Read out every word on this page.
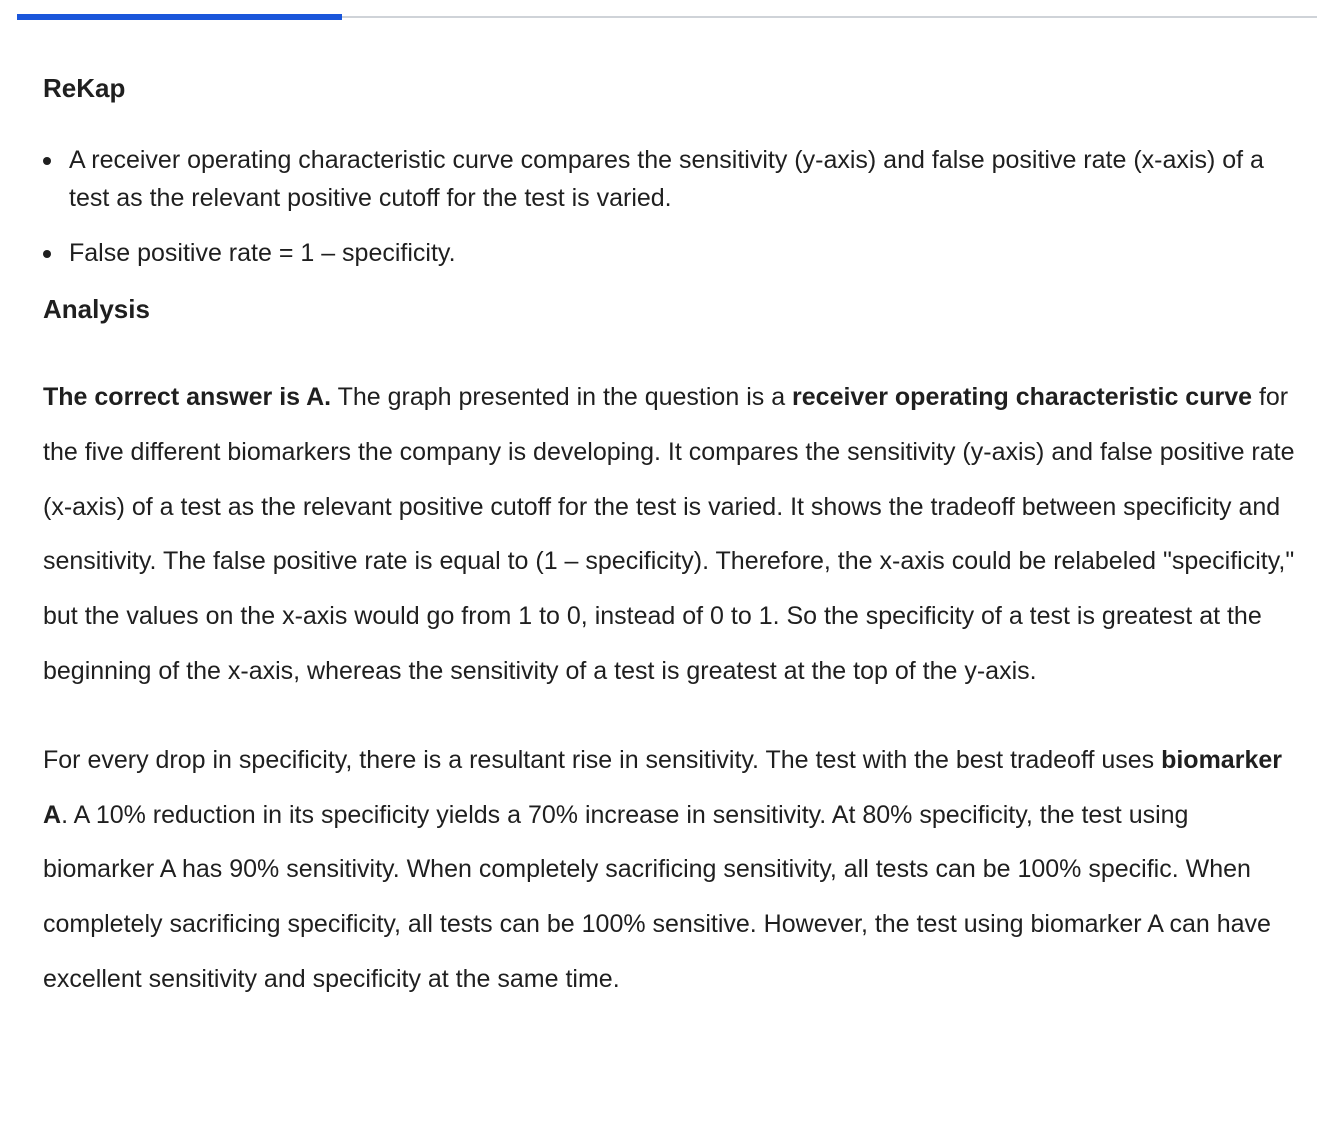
ReKap
A receiver operating characteristic curve compares the sensitivity (y-axis) and false positive rate (x-axis) of a test as the relevant positive cutoff for the test is varied.
False positive rate = 1 – specificity.
Analysis

The correct answer is A. The graph presented in the question is a receiver operating characteristic curve for the five different biomarkers the company is developing. It compares the sensitivity (y-axis) and false positive rate (x-axis) of a test as the relevant positive cutoff for the test is varied. It shows the tradeoff between specificity and sensitivity. The false positive rate is equal to (1 – specificity). Therefore, the x-axis could be relabeled "specificity," but the values on the x-axis would go from 1 to 0, instead of 0 to 1. So the specificity of a test is greatest at the beginning of the x-axis, whereas the sensitivity of a test is greatest at the top of the y-axis.

For every drop in specificity, there is a resultant rise in sensitivity. The test with the best tradeoff uses biomarker A. A 10% reduction in its specificity yields a 70% increase in sensitivity. At 80% specificity, the test using biomarker A has 90% sensitivity. When completely sacrificing sensitivity, all tests can be 100% specific. When completely sacrificing specificity, all tests can be 100% sensitive. However, the test using biomarker A can have excellent sensitivity and specificity at the same time.
